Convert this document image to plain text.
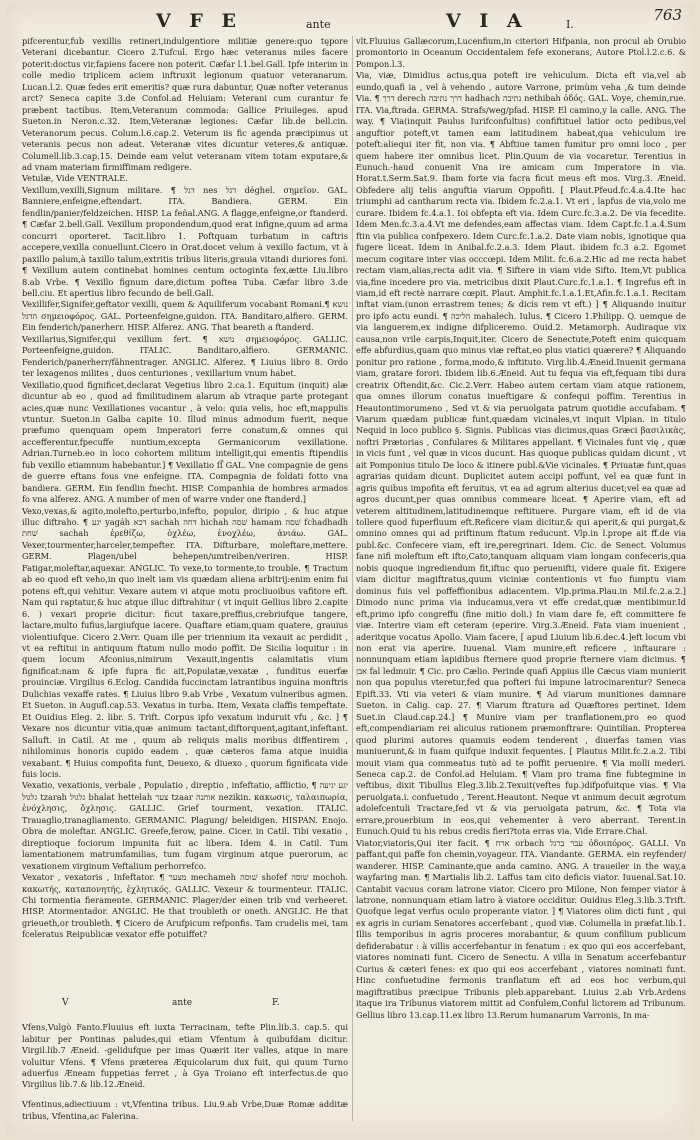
V F E	ante	V I A	I.
763

pifcerentur,fub vexillis retineri,indulgentiore militiæ genere:quo tępore Veterani dicebantur. Cicero 2.Tufcul. Ergo hæc veteranus miles facere poterit:doctus vir,fapiens facere non poterit. Cæfar l.1.bel.Gall. Ipfe interim in colle medio triplicem aciem inftruxit legionum quatuor veteranarum. Lucan.l.2. Quæ fedes erit emeritis? quæ rura dabuntur, Quæ nofter veteranus arct? Seneca capite 3.de Confol.ad Heluiam: Veterani cum curantur fe præbent tactibus. Item,Veteranum commoda: Gallice Priuileges. apud Sueton.in Neron.c.32. Item,Veteranæ legiones: Cæfar lib.de bell.cin. Veteranorum pecus. Colum.l.6.cap.2. Veterum iis fic agenda præcipimus ut veteranis pecus non adeat. Veteranæ vites dicuntur veteres,& antiquæ. Columell.lib.3.cap.15. Deinde eam velut veteranam vitem totam exputare,& ad vnam materiam firmiffimam redigere.

Vetulæ, Vide VENTRALE.

Vexillum,vexilli,Signum militare. ¶ דגל nes דגל déghel. σημεῖον. GAL. Banniere,enfeigne,eftendart. ITA. Bandiera. GERM. Ein fendlin/panier/feldzeichen. HISP. La feñal.ANG. A flagge,enfeigne,or ftanderd. ¶ Cæfar 2.bell.Gall. Vexillum propondendum,quod erat infigne,quum ad arma concurri oporteret. Tacit.libro 1. Poftquam turbatum in caftris accepere,vexilla conuellunt.Cicero in Orat.docet velum à vexillo factum, vt à paxillo palum,à taxillo talum,extritis tribus literis,grauia vitandi duriores foni. ¶ Vexillum autem continebat homines centum octoginta fex,ætte Liu.libro 8.ab Vrbe. ¶ Vexillo fignum dare,dictum poftea Tuba. Cæfar libro 3.de bell.ciu. Et apertius libro fecundo de bell.Gall.

Vexillifer,Signifer,geftator vexilli, quem & Aquiliferum vocabant Romani.¶ נושא הדגל σημειοφόρος. GAL. Porteenfeigne,guidon. ITA. Banditaro,alfiero. GERM. Ein fenderich/panerherr. HISP. Alferez. ANG. That beareth a ftanderd.

Vexillarius,Signifer,qui vexillum fert. ¶ נושא σημειοφόρος. GALLIC. Porteenfeigne,guidon. ITALIC. Banditaro,alfiero. GERMANIC. Fenderich/panerherr/fähnentrager. ANGLIC. Alferez. ¶ Liuius libro 8. Ordo ter lexagenos milites , duos centuriones , vexillarium vnum habet.

Vexillatio,quod fignificet,declarat Vegetius libro 2.ca.1. Equitum (inquit) alæ dicuntur ab eo , quod ad fimilitudinem alarum ab vtraque parte protegant acies,quæ nunc Vexillationes vocantur , à velo: quia velis, hoc eft,mappulis vtuntur. Sueton.in Galba capite 10. Illud minus admodum fuerit, neque præfumo quenquam opem Imperatori ferre conatum,& omnes qui accefferentur,fpecuffe nuntium,excepta Germanicorum vexillatione. Adrian.Turneb.eo in loco cohortem militum intelligit,qui ementis ftipendiis fub vexillo etiamnum habebantur.] ¶ Vexillatio ſſ̃ GAL. Vne compagnie de gens de guerre eftans fous vne enfeigne. ITA. Compagnia de foldati fotto vna bandiera. GERM. Ein fendlin fnecht. HISP. Companhia de hombres armados fo vna alferez. ANG. A number of men of warre vnder one ftanderd.]

Vexo,vexas,& agito,molefto,perturbo,infefto, populor, diripio , & huc atque illuc diftraho. ¶ יגע yagáh דכא sachah דחה hichah שׁסה hamam שׁסה fchadhadh שׁחת sachah ἐρεθίζω, ὀχλέω, ἐνοχλέω, ἀνιάω. GAL. Vexer,tourmenter,harceler,tempefter. ITA. Difturbare, moleftare,mettere. GERM. Plagen/ubel behepen/umtreiben/veriren. HISP. Fatigar,moleftar,aquexar. ANGLIC. To vexe,to tormente,to trouble. ¶ Tractum ab eo quod eft veho,in quo inelt iam vis quædam aliena arbitrij:enim enim fui potens eft,qui vehitur. Vexare autem vi atque motu procliuoibus vafitore eft. Nam qui raptatur,& huc atque illuc diftrahitur ( vt inquit Gellius libro 2.capite 6. ) vexari proprie dicitur: ficut taxare,preffius,crebriufque tangere, lactare,multo fufius,largiufque iacere. Quaftare etiam,quam quatere, grauius violentiufque. Cicero 2.Verr. Quam ille per triennium ita vexauit ac perdidit , vt ea reftitui in antiquum ftatum nullo modo poffit. De Sicilia loquitur : in quem locum Afconius,nimirum Vexauit,ingentis calamitatis vium fignificat:nam & ipfe fupra fic ait,Populatæ,vexatæ , funditus euerfæ prouinciæ. Virgilius 6.Eclog. Candida fuccinctam latrantibus inguina monftris Dulichias vexaffe rates. ¶ Liuius libro 9.ab Vrbe , Vexatum vulneribus agmen. Et Sueton. in Augufl.cap.53. Vexatus in turba. Item, Vexata claffis tempeftate. Et Ouidius Eleg. 2. libr. 5. Trift. Corpus ipfo vexatum induruit vfu , &c. ] ¶ Vexare nos dicuntur vitia,quæ animum tactant,diftorquent,agitant,infeftant. Salluft. in Catil. At me , quum ab reliquis malis moribus diffentirem , nihilominus honoris cupido eadem , quæ cæteros fama atque inuidia vexabant. ¶ Huius compofita funt, Deuexo, & diuexo , quorum fignificata vide fuis locis.

Vexatio, vexationis, verbale , Populatio , direptio , infeftatio, afflictio, ¶ יגע יגיעה גלגול tzarah גלגול bhalat hettelah צער tzaar אותנה nezikin. κακωσις, ταλαιπωρία, ἐνόχλησις, ὄχλησις. GALLIC. Grief tourment, vexation. ITALIC. Trauaglio,tranagliamento. GERMANIC. Plagung/ beleidigen. HISPAN. Enojo. Obra de moleftar. ANGLIC. Greefe,ferow, paine. Cicer. in Catil. Tibi vexatio , direptioque fociorum impunita fuit ac libera. Idem 4. in Catil. Tum lamentationem matrumfamilias, tum fugam virginum atque puerorum, ac vexationem virginum Veftalium perhorrefco.

Vexator , vexatoris , Infeftator. ¶ מצער mechameh שׁוסה shofef שׁוסה mochoh. κακωτής, καταπονητής, ἐχλητικός. GALLIC. Vexeur & tourmenteur. ITALIC. Chi tormentia fieramente. GERMANIC. Plager/der einen trib vnd verheeret. HISP. Atormentador. ANGLIC. He that troubleth or oneth. ANGLIC. He that grieueth,or troubleth. ¶ Cicero de Arufpicum refponfis. Tam crudelis mei, tam fceleratus Reipublicæ vexator effe potuiffet?

V	ante	F.

Vfens,Vulgò Fanto.Fluuius eft iuxta Terracinam, tefte Plin.lib.3. cap.5. qui labitur per Pontinas paludes,qui etiam Vfentum à quibufdam dicitur. Virgil.lib.7 Æneid. -gelidufque per imas Quærit iter valles, atque in mare voluitur Vfens. ¶ Vfens præterea Æquicolarum dux fuit, qui quum Turno aduerfus Æneam fuppetias ferret , à Gya Troiano eft interfectus.de quo Virgilius lib.7.& lib.12.Æneid.

Vfentinus,adiectiuum : vt,Vfentina tribus. Liu.9.ab Vrbe,Duæ Romæ additæ tribus, Vfentina,ac Falerina.

vlt.Fluuius Gallæcorum,Lucenfium,in citeriori Hifpania, non procul ab Orubio promontorio in Oceanum Occidentalem fefe exonerans, Autore Ptol.l.2.c.6. & Pompon.l.3.

Via, viæ, Dimidius actus,qua poteft ire vehiculum. Dicta eft via,vel ab eundo,quafi ia , vel à vehendo , autore Varrone, primùm veha ,& tum deinde Via. ¶ דרך derech דרך נתיבה hadhach נתיבה nethibah ὁδός. GAL. Voye, chemin,rue. ITA. Via,ftrada. GERMA. Strafs/weg/pfad. HISP. El camino,y la calle. ANG. The way. ¶ Via(inquit Paulus Iurifconfultus) confiftituel latior octo pedibus,vel anguftior poteft,vt tamen eam latitudinem habeat,qua vehiculum ire poteft:aliequi iter fit, non via. ¶ Abftiue tamen fumitur pro omni loco , per quem habere iter omnibus licet. Plin.Quum de via vocaretur. Terentius in Eunuch.-haud conuenit Vna ire amicam cum Imperatore in via. Horat.t.Serm.Sat.9. Ibam forte via facra ficut meus eft mos. Virg.3. Æneid. Obfedere alij telis anguftia viarum Oppofiti. [ Plaut.Pfeud.fc.4.a.4.Ite hac triumphi ad cantharum recta via. Ibidem fc.2.a.1. Vt eri , lapfus de via,volo me curare. Ibidem fc.4.a.1. Ioi obfepta eft via. Idem Curc.fc.3.a.2. De via fecedite. Idem Men.fc.3.a.4.Vt me defendes,eam affectas viam. Idem Capt.fc.1.a.4.Sum ftin via publica confpexero. Idem Curc.fc.1.a.2. Date viam nobis, ignotique qua fugere liceat. Idem in Anibal.fc.2.a.3. Idem Plaut. ibidem fc.3 a.2. Egomet mecum cogitare inter vias occcœpi. Idem Milit. fc.6.a.2.Hic ad me recta habet rectam viam,alias,recta adit via. ¶ Siftere in viam vide Sifto. Item,Vt publica via,fine incedere pro via. metricibus dixit Plaut.Curc.fc.1.a.1. ¶ Ingrefus eft in viam,id eft rectè narrare cœpit. Plaut. Amphit.fc.1.a.1.Et,Afin.fc.1.a.1. Recitam inftat viam.(unon errastrem tenes; & dicis rem vt eft.) ] ¶ Aliquando inuitur pro ipfo actu eundi. ¶ הליכה mahalech. Iulus. ¶ Cicero 1.Philipp. Q. uemque de via languerem,ex indigne difpliceremo. Ouid.2. Metamorph. Audiraque vix causa,non vrile carpis,Inquit,iter. Cicero de Senectute,Poteft enim quicquam effe abfurdius,quam quo minus viæ reftat,eo plus viatici quærere? ¶ Aliquando ponitur pro ratione , forma,modo,& inftituto. Virg.lib.4.Æneid.Inuenit germana viam, gratare forori. Ibidem lib.6.Æneid. Aut tu fequa via eft,fequam tibi dura creatrix Oftendit,&c. Cic.2.Verr. Habeo autem certam viam atque rationem, qua omnes illorum conatus inueftigare & confequi poffim. Terentius in Heautontimorumeno , Sed vt & via peruolgata patrum quotidie accufabam. ¶ Viarum quædam publicæ funt,quædam vicinales,vt inquit Vlpian. in titulo Nequid in loco publico §. Signis. Publicas vias dicimus,quas Græci βασιλικὰς, noftri Prætorias , Confulares & Militares appellant. ¶ Vicinales funt vię , quæ in vicis funt , vel quæ in vicos ducunt. Has quoque publicas quidam dicunt , vt ait Pomponius titulo De loco & itinere publ.&Vie vicinales. ¶ Priuatæ funt,quas agrarias quidam dicunt. Duplicitet autem accipi poffunt, vel ea quæ funt in agris quibus impofita eft feruitus, vt ea ad agrum alterius ducet;vel ea quæ ad agros ducunt,per quas omnibus commeare liceat. ¶ Aperire viam, eft ad veterem altitudinem,latitudinemque reftituere. Purgare viam, eft id de via tollere quod fuperfluum eft.Reficere viam dicitur,& qui aperit,& qui purgat,& omnino omnes qui ad priftinum ftatum reducunt. Vlp.in l.prope ait ff.de via publ.&c. Confecere viam, eft ire,peregrinari. Idem. Cic. de Senect. Volumus fane nifi moleftum eft ifto,Cato,tanquam aliquam viam longam confeceris,qua nobis quoque ingrediendum fit,iftuc quo peruenifti, videre quale fit. Exigere viam dicitur magiftratus,quum viciniæ contentionis vt fuo fumptu viam dominus fuis vel poffeffionibus adiacentem. Vlp.prima.Plau.in Mil.fc.2.a.2.] Dimodo nunc prima via inducamus,vera vt effe credat,quæ mentibimur.Id eft,primo ipfo congreffu (fine mitio doli.) In viam dare fe, eft committere fe viæ. Interire viam eft ceteram (eperire. Virg.3.Æneid. Fata viam inuenient , aderitque vocatus Apollo. Viam facere, [ apud Liuium lib.6.dec.4.]eft locum vbi non erat via aperire. Iuuenal. Viam munire,eft reficere , inftaurare : nonnunquam etiam lapidibus fternere quod proprie fternere viam dicimus. ¶ אבן fal ledmuir. ¶ Cic. pro Cælio. Perinde quafi Appius ille Cæcus viam munierit non qua populus vteretur,fed qua pofteri fui impune latrocinarentur? Seneca Epift.33. Vti via veteri & viam munire. ¶ Ad viarum munitiones damnare Sueton. in Calig. cap. 27. ¶ Viarum ftratura ad Quæftores pertinet. Idem Suet.in Claud.cap.24.] ¶ Munire viam per tranflationem,pro eo quod eft,compendiariam rei alicuius rationem præmonftrare: Quintilian. Propterea quod plurimi autores quamuis eodem tenderent , diuerfas tamen vias muniuerunt,& in fuam quifque induxit fequentes. [ Plautus Milit.fc.2.a.2. Tibi mouit viam qua commeatus tutò ad te poffit peruenire. ¶ Via molli mederi. Seneca cap.2. de Confol.ad Heluiam. ¶ Viam pro trama fine fubtegmine in veftibus, dixit Tibullus Eleg.3.lib.2.Texuit(veftes fup.)difpofuitque vias. ¶ Via peruolgata.i. confuetudo , Terent.Heautont. Neque vt animum decuit ægrotum adolefcentuli Tractare,fed vt & via peruolgata patrum, &c. ¶ Tota via errare,prouerbium in eos,qui vehementer à vero aberrant. Terent.in Eunuch.Quid tu his rebus credis fieri?tota erras via. Vide Errare.Chal.

Viator,viatoris,Qui iter facit. ¶ ארח orbach עבר ברגל ὁδοιπόρος. GALLI. Vn paffant,qui paffe fon chemin,voyageur. ITA. Viandante. GERMA. ein reyfender/ wanderer. HISP. Caminante,que anda camino. ANG. A traueiler in the way,a wayfaring man. ¶ Martialis lib.2. Laffus tam cito deficis viator. Iuuenal.Sat.10. Cantabit vacuus coram latrone viator. Cicero pro Milone, Non femper viator à latrone, nonnunquam etiam latro à viatore occiditur. Ouidius Eleg.3.lib.3.Trift. Quofque legat verfus oculo properante viator. ] ¶ Viatores olim dicti funt , qui ex agris in curiam Senatores accerſebant , quod viæ. Columella in præfat.lib.1. Illis temporibus in agris proceres morabantur, & quum confilium publicum defiderabatur : à villis accerfebantur in fenatum : ex quo qui eos accerfebant, viatores nominati funt. Cicero de Senectu. A villa in Senatum accerfebantur Curius & cæteri fenes: ex quo qui eos accerfebant , viatores nominati funt. Hinc confuetudine fermonis tranflatum eft ad eos hoc verbum,qui magiftratibus præcipue Tribunis pleb.apparebant. Liuius 2.ab Vrb.Ardens itaque ira Tribunus viatorem mittit ad Confulem,Conful lictorem ad Tribunum. Gellius libro 13.cap.11.ex libro 13.Rerum humanarum Varronis, In ma-
